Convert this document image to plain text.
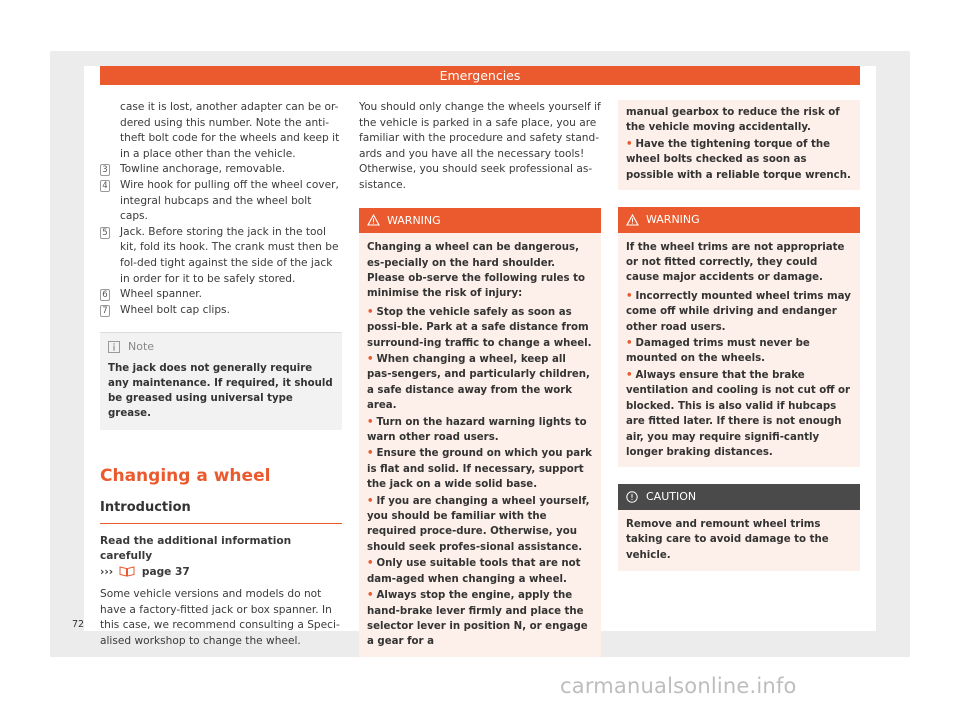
Emergencies
case it is lost, another adapter can be or-dered using this number. Note the anti-theft bolt code for the wheels and keep it in a place other than the vehicle.
3 Towline anchorage, removable.
4 Wire hook for pulling off the wheel cover, integral hubcaps and the wheel bolt caps.
5 Jack. Before storing the jack in the tool kit, fold its hook. The crank must then be fol-ded tight against the side of the jack in order for it to be safely stored.
6 Wheel spanner.
7 Wheel bolt cap clips.
Note
The jack does not generally require any maintenance. If required, it should be greased using universal type grease.
Changing a wheel
Introduction
Read the additional information carefully
›››	page 37
Some vehicle versions and models do not have a factory-fitted jack or box spanner. In this case, we recommend consulting a Speci-alised workshop to change the wheel.
You should only change the wheels yourself if the vehicle is parked in a safe place, you are familiar with the procedure and safety stand-ards and you have all the necessary tools! Otherwise, you should seek professional as-sistance.
WARNING
Changing a wheel can be dangerous, es-pecially on the hard shoulder. Please ob-serve the following rules to minimise the risk of injury:
• Stop the vehicle safely as soon as possi-ble. Park at a safe distance from surround-ing traffic to change a wheel.
• When changing a wheel, keep all pas-sengers, and particularly children, a safe distance away from the work area.
• Turn on the hazard warning lights to warn other road users.
• Ensure the ground on which you park is flat and solid. If necessary, support the jack on a wide solid base.
• If you are changing a wheel yourself, you should be familiar with the required proce-dure. Otherwise, you should seek profes-sional assistance.
• Only use suitable tools that are not dam-aged when changing a wheel.
• Always stop the engine, apply the hand-brake lever firmly and place the selector lever in position N, or engage a gear for a
manual gearbox to reduce the risk of the vehicle moving accidentally.
• Have the tightening torque of the wheel bolts checked as soon as possible with a reliable torque wrench.
WARNING
If the wheel trims are not appropriate or not fitted correctly, they could cause major accidents or damage.
• Incorrectly mounted wheel trims may come off while driving and endanger other road users.
• Damaged trims must never be mounted on the wheels.
• Always ensure that the brake ventilation and cooling is not cut off or blocked. This is also valid if hubcaps are fitted later. If there is not enough air, you may require signifi-cantly longer braking distances.
CAUTION
Remove and remount wheel trims taking care to avoid damage to the vehicle.
72
carmanualsonline.info
